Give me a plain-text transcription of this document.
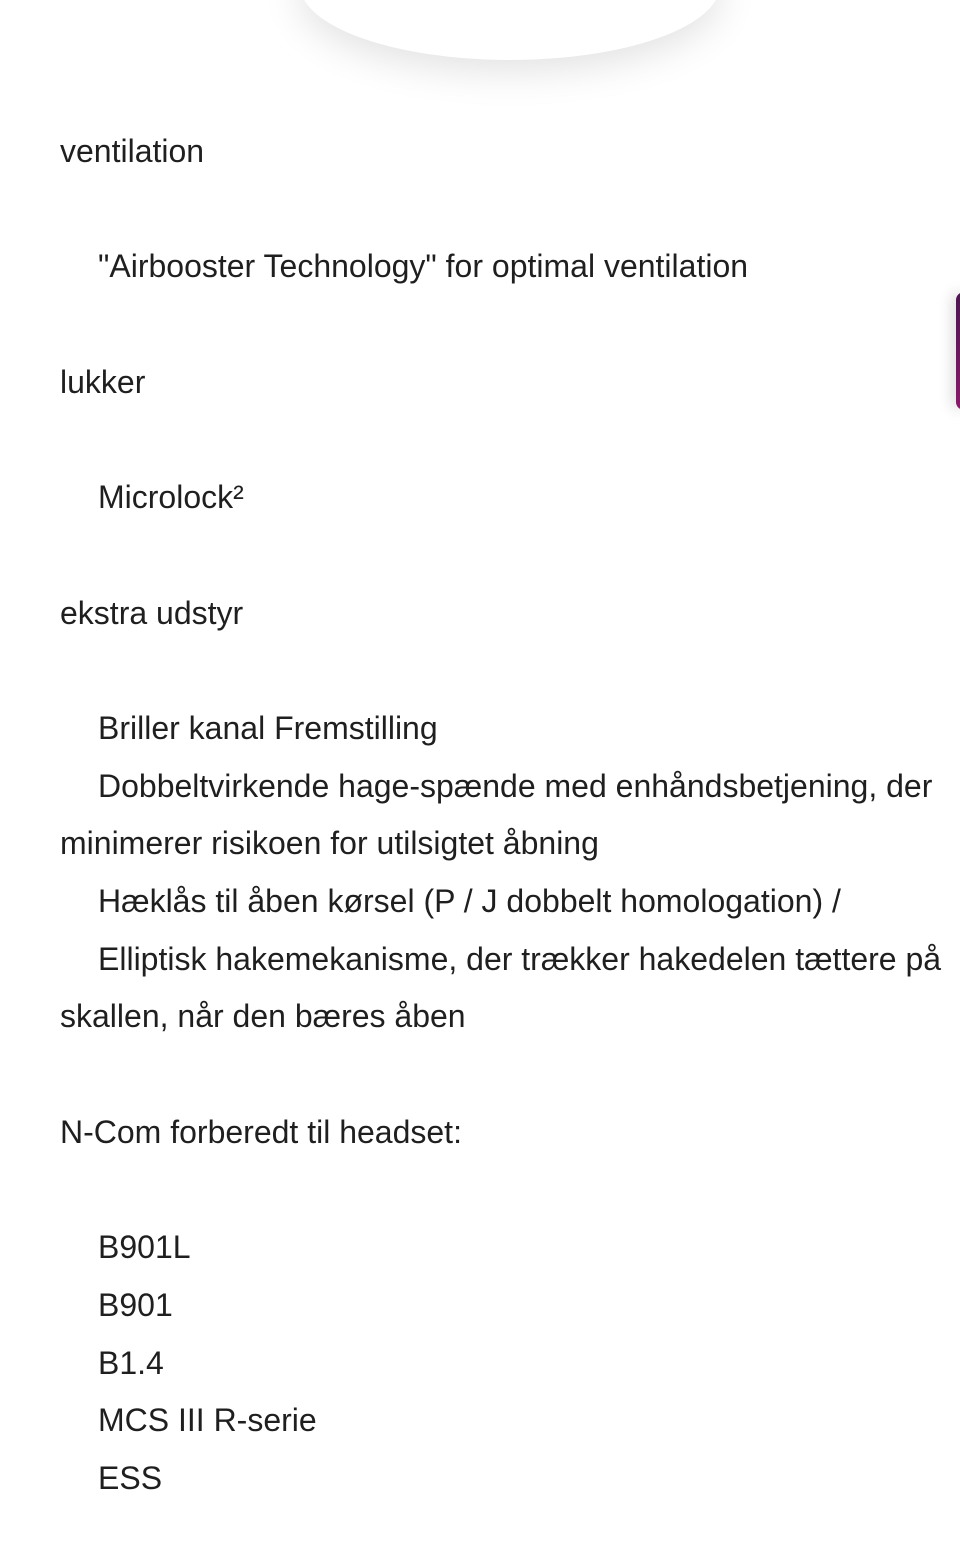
ventilation

"Airbooster Technology" for optimal ventilation

lukker

Microlock²

ekstra udstyr

Briller kanal Fremstilling

Dobbeltvirkende hage-spænde med enhåndsbetjening, der minimerer risikoen for utilsigtet åbning

Hæklås til åben kørsel (P / J dobbelt homologation) /

Elliptisk hakemekanisme, der trækker hakedelen tættere på skallen, når den bæres åben

N-Com forberedt til headset:

B901L

B901

B1.4

MCS III R-serie

ESS
